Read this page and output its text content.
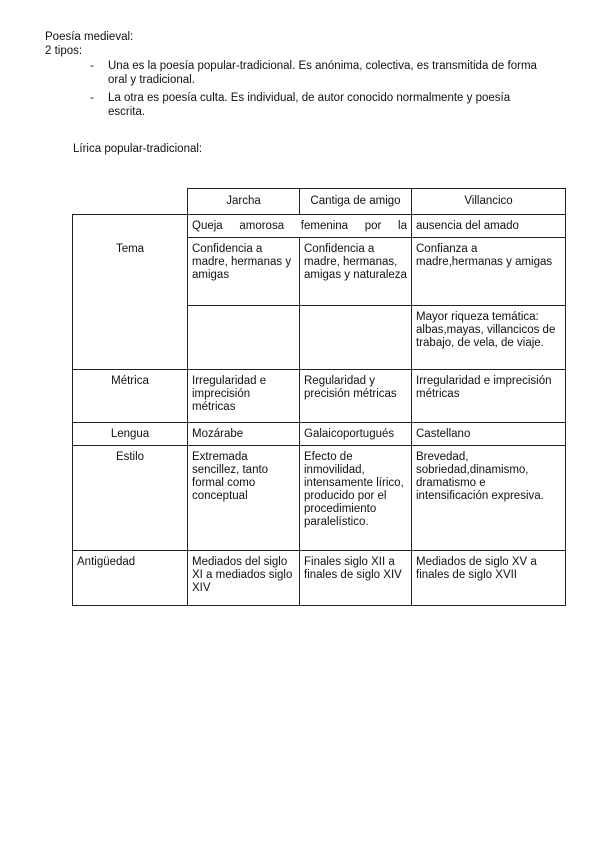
Poesía medieval:
2 tipos:
- Una es la poesía popular-tradicional. Es anónima, colectiva, es transmitida de forma oral y tradicional.
- La otra es poesía culta. Es individual, de autor conocido normalmente y poesía escrita.
Lírica popular-tradicional:
	Jarcha	Cantiga de amigo	Villancico
	Queja amorosa femenina por la		ausencia del amado
Tema	Confidencia a madre, hermanas y amigas	Confidencia a madre, hermanas, amigas y naturaleza	Confianza a madre,hermanas y amigas
			Mayor riqueza temática: albas,mayas, villancicos de trabajo, de vela, de viaje.
Métrica	Irregularidad e imprecisión métricas	Regularidad y precisión métricas	Irregularidad e imprecisión métricas
Lengua	Mozárabe	Galaicoportugués	Castellano
Estilo	Extremada sencillez, tanto formal como conceptual	Efecto de inmovilidad, intensamente lírico, producido por el procedimiento paralelístico.	Brevedad, sobriedad,dinamismo, dramatismo e intensificación expresiva.
Antigüedad	Mediados del siglo XI a mediados siglo XIV	Finales siglo XII a finales de siglo XIV	Mediados de siglo XV a finales de siglo XVII
